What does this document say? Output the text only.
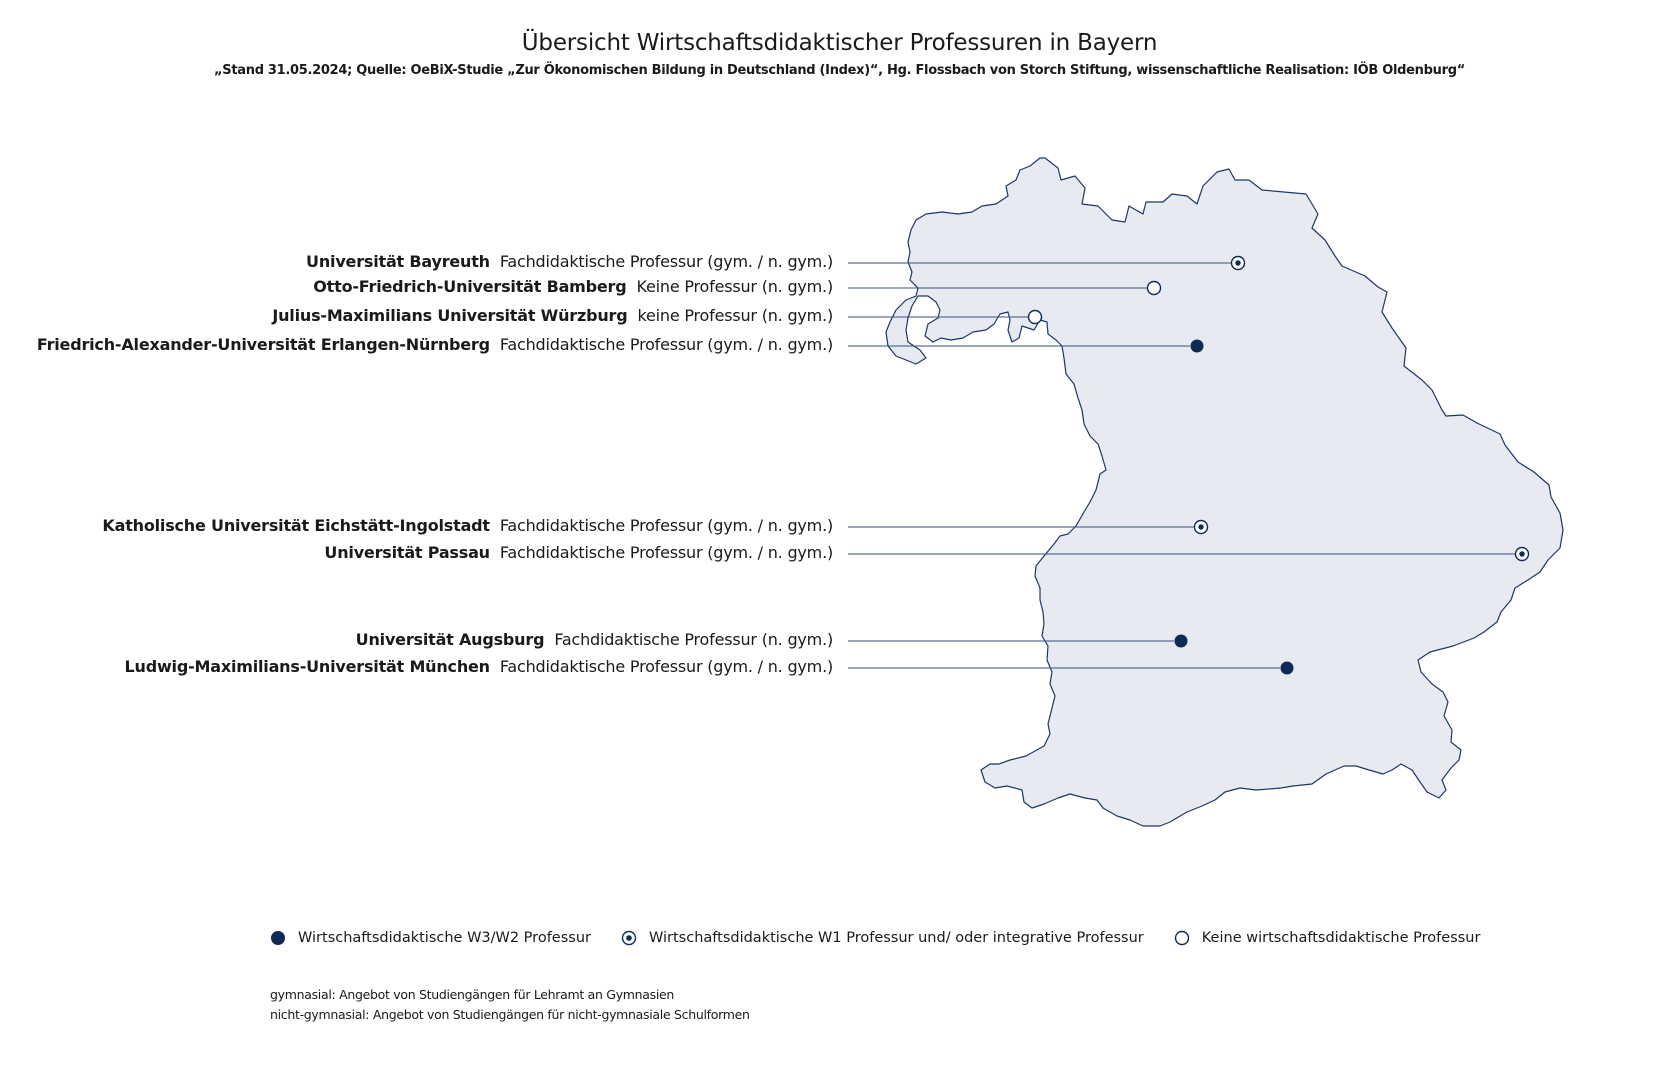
Übersicht Wirtschaftsdidaktischer Professuren in Bayern
„Stand 31.05.2024; Quelle: OeBiX-Studie „Zur Ökonomischen Bildung in Deutschland (Index)“, Hg. Flossbach von Storch Stiftung, wissenschaftliche Realisation: IÖB Oldenburg“
Universität Bayreuth Fachdidaktische Professur (gym. / n. gym.)
Otto-Friedrich-Universität Bamberg Keine Professur (n. gym.)
Julius-Maximilians Universität Würzburg keine Professur (n. gym.)
Friedrich-Alexander-Universität Erlangen-Nürnberg Fachdidaktische Professur (gym. / n. gym.)
Katholische Universität Eichstätt-Ingolstadt Fachdidaktische Professur (gym. / n. gym.)
Universität Passau Fachdidaktische Professur (gym. / n. gym.)
Universität Augsburg Fachdidaktische Professur (n. gym.)
Ludwig-Maximilians-Universität München Fachdidaktische Professur (gym. / n. gym.)
Wirtschaftsdidaktische W3/W2 Professur	Wirtschaftsdidaktische W1 Professur und/ oder integrative Professur	Keine wirtschaftsdidaktische Professur
gymnasial: Angebot von Studiengängen für Lehramt an Gymnasien
nicht-gymnasial: Angebot von Studiengängen für nicht-gymnasiale Schulformen
